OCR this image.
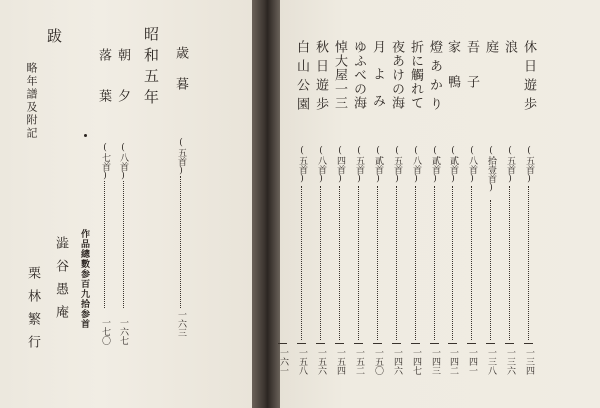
跋
略年譜及附記	昭和五年 歳暮
(五首)
一六三
朝夕
(八首)
一六七
落葉
(七首)
一七〇
作品總數参百九拾参首
澁谷愚庵
栗林繁行
休日遊歩
(五首)
一三四
浪
(五首)
一三六
庭
(拾壹首)
一三八
吾子
(八首)
一四一
家鴨
(貳首)
一四二
燈あかり
(貳首)
一四三
折に觸れて
(八首)
一四七
夜あけの海
(五首)
一四六
月よみ
(貳首)
一五〇
ゆふべの海
(五首)
一五二
悼大屋一三
(四首)
一五四
秋日遊歩
(八首)
一五六
白山公園
(五首)
一五八
一六一
